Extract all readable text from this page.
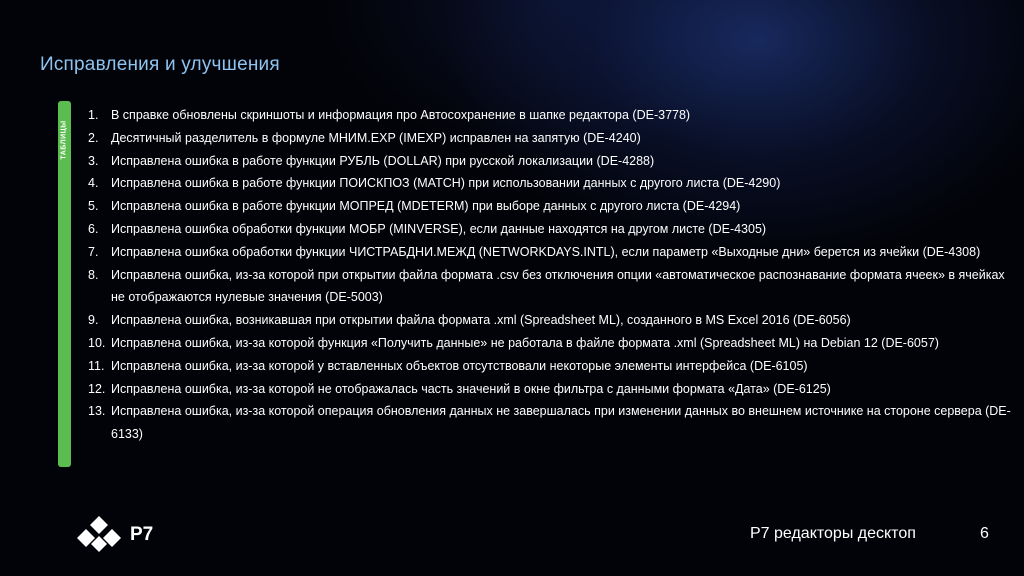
Исправления и улучшения
ТАБЛИЦЫ
1.	В справке обновлены скриншоты и информация про Автосохранение в шапке редактора (DE-3778)
2.	Десятичный разделитель в формуле МНИМ.EXP (IMEXP) исправлен на запятую (DE-4240)
3.	Исправлена ошибка в работе функции РУБЛЬ (DOLLAR) при русской локализации (DE-4288)
4.	Исправлена ошибка в работе функции ПОИСКПОЗ (MATCH) при использовании данных с другого листа (DE-4290)
5.	Исправлена ошибка в работе функции МОПРЕД (MDETERM) при выборе данных с другого листа (DE-4294)
6.	Исправлена ошибка обработки функции МОБР (MINVERSE), если данные находятся на другом листе (DE-4305)
7.	Исправлена ошибка обработки функции ЧИСТРАБДНИ.МЕЖД (NETWORKDAYS.INTL), если параметр «Выходные дни» берется из ячейки (DE-4308)
8.	Исправлена ошибка, из-за которой при открытии файла формата .csv без отключения опции «автоматическое распознавание формата ячеек» в ячейках не отображаются нулевые значения (DE-5003)
9.	Исправлена ошибка, возникавшая при открытии файла формата .xml (Spreadsheet ML), созданного в MS Excel 2016 (DE-6056)
10. Исправлена ошибка, из-за которой функция «Получить данные» не работала в файле формата .xml (Spreadsheet ML) на Debian 12 (DE-6057)
11. Исправлена ошибка, из-за которой у вставленных объектов отсутствовали некоторые элементы интерфейса (DE-6105)
12. Исправлена ошибка, из-за которой не отображалась часть значений в окне фильтра с данными формата «Дата» (DE-6125)
13. Исправлена ошибка, из-за которой операция обновления данных не завершалась при изменении данных во внешнем источнике на стороне сервера (DE-6133)
Р7	Р7 редакторы десктоп	6
